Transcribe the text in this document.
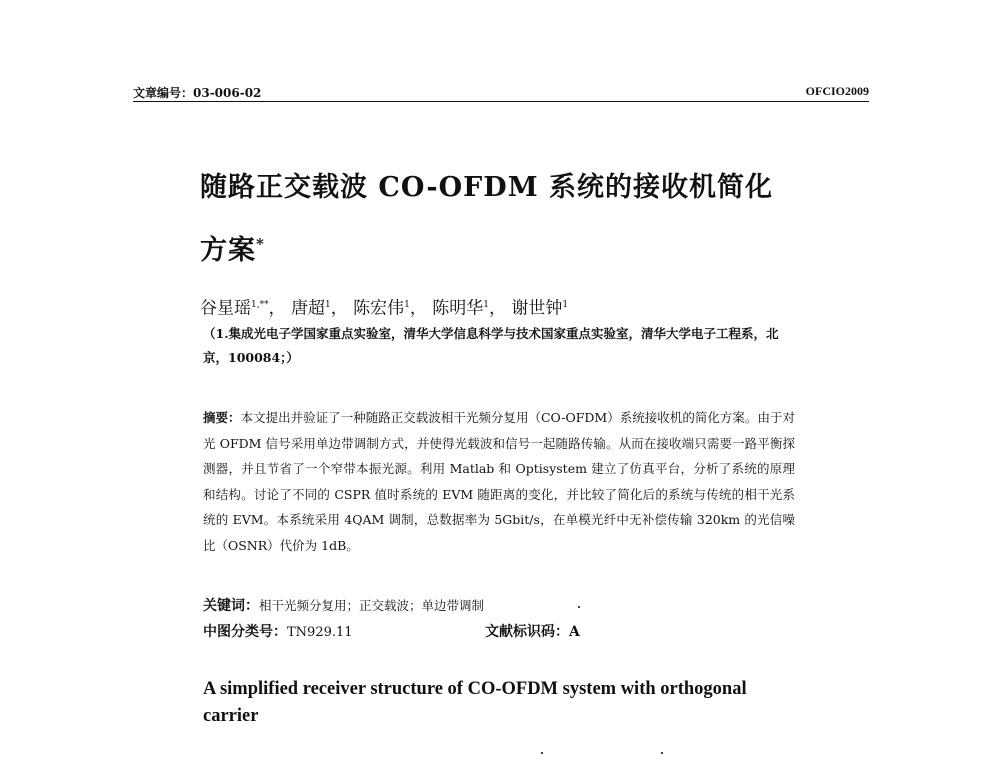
文章编号：03-006-02	OFCIO2009
随路正交载波 CO-OFDM 系统的接收机简化方案*
谷星瑶$^{1,**}$， 唐超$^1$， 陈宏伟$^1$， 陈明华$^1$， 谢世钟$^1$
（1.集成光电子学国家重点实验室，清华大学信息科学与技术国家重点实验室，清华大学电子工程系，北京，100084；）
摘要：本文提出并验证了一种随路正交载波相干光频分复用（CO-OFDM）系统接收机的简化方案。由于对光 OFDM 信号采用单边带调制方式，并使得光载波和信号一起随路传输。从而在接收端只需要一路平衡探测器，并且节省了一个窄带本振光源。利用 Matlab 和 Optisystem 建立了仿真平台，分析了系统的原理和结构。讨论了不同的 CSPR 值时系统的 EVM 随距离的变化，并比较了简化后的系统与传统的相干光系统的 EVM。本系统采用 4QAM 调制，总数据率为 5Gbit/s，在单模光纤中无补偿传输 320km 的光信噪比（OSNR）代价为 1dB。
关键词：相干光频分复用；正交载波；单边带调制
中图分类号：TN929.11	文献标识码：A
A simplified receiver structure of CO-OFDM system with orthogonal carrier
